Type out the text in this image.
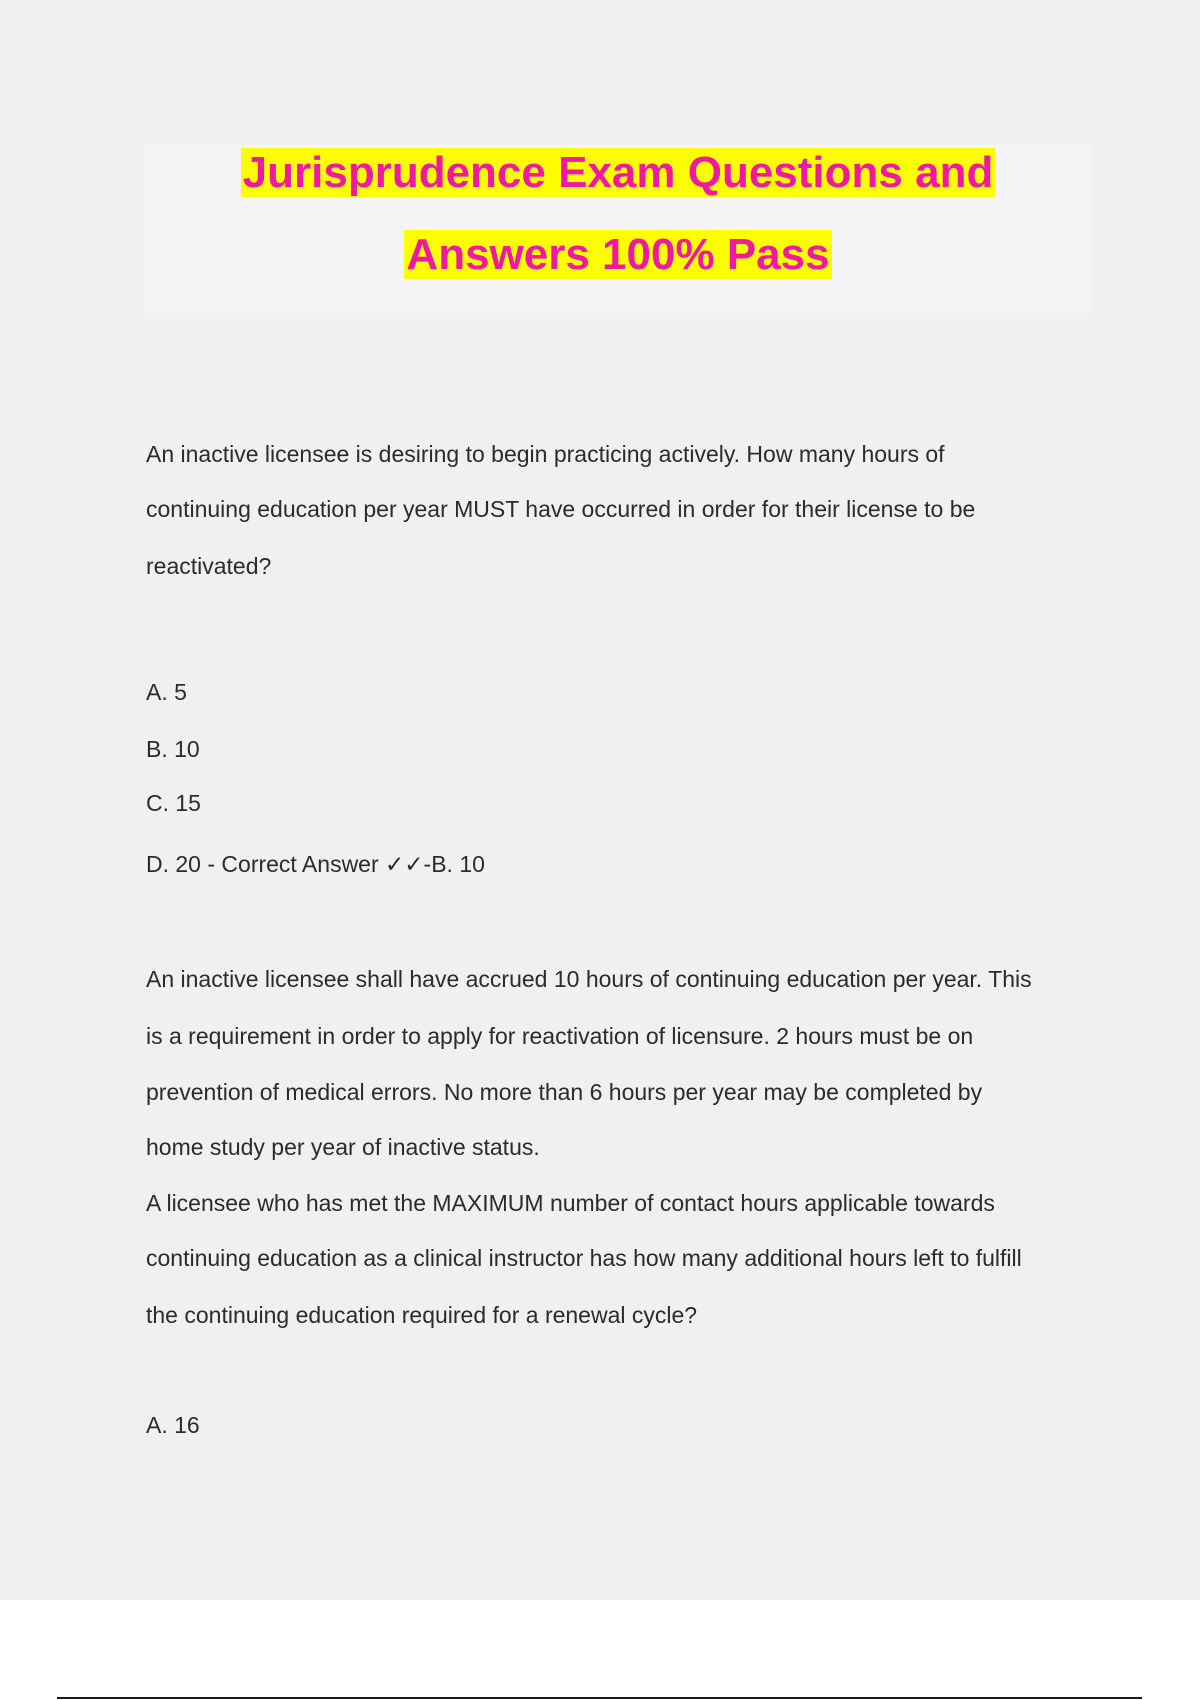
Jurisprudence Exam Questions and
Answers 100% Pass
An inactive licensee is desiring to begin practicing actively. How many hours of
continuing education per year MUST have occurred in order for their license to be
reactivated?
A. 5
B. 10
C. 15
D. 20 - Correct Answer ✓✓-B. 10
An inactive licensee shall have accrued 10 hours of continuing education per year. This
is a requirement in order to apply for reactivation of licensure. 2 hours must be on
prevention of medical errors. No more than 6 hours per year may be completed by
home study per year of inactive status.
A licensee who has met the MAXIMUM number of contact hours applicable towards
continuing education as a clinical instructor has how many additional hours left to fulfill
the continuing education required for a renewal cycle?
A. 16
